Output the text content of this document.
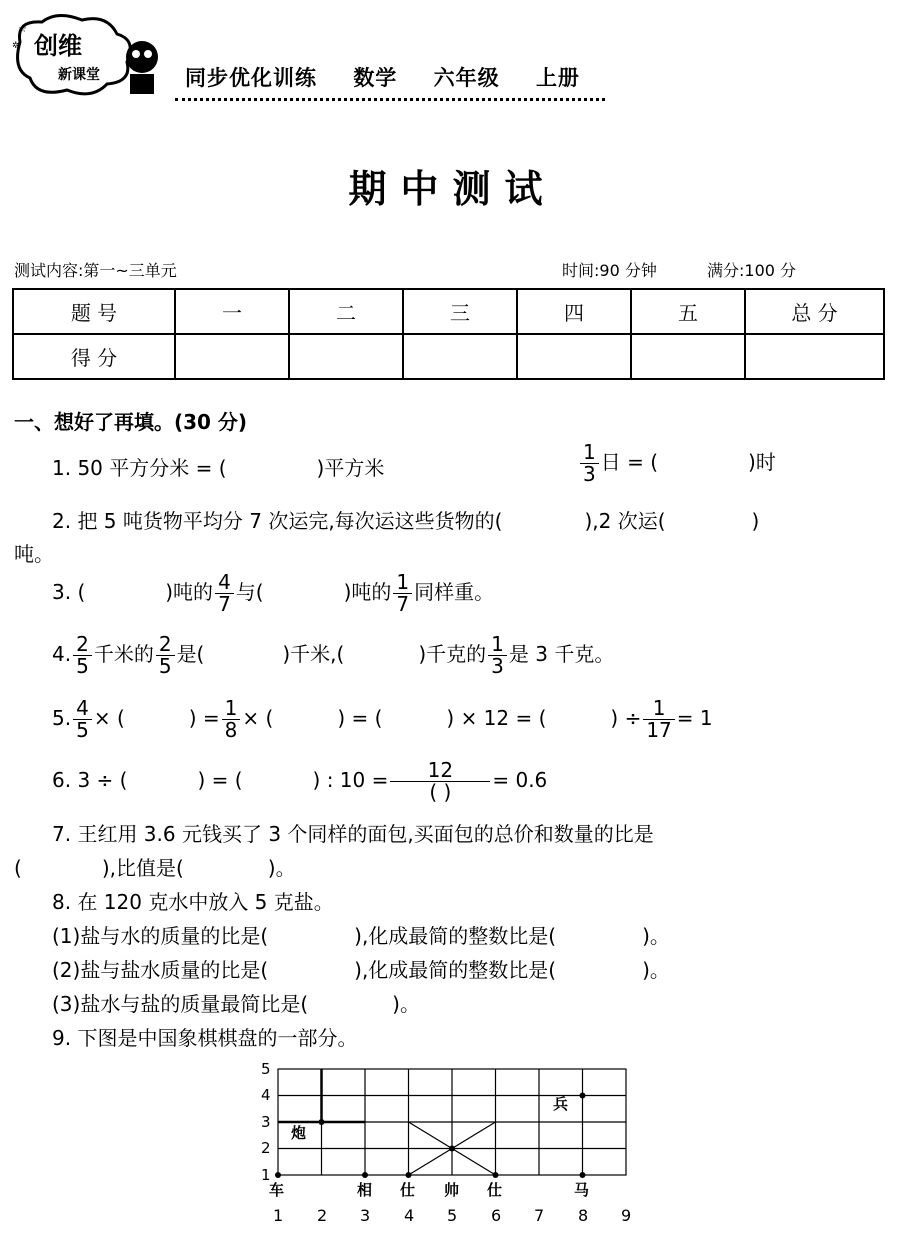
☆
✲ 创维
新课堂	同步优化训练 数学 六年级 上册
期中测试
测试内容:第一~三单元	时间:90 分钟	满分:100 分
题 号	一	二	三	四	五	总 分
得 分						
一、想好了再填。(30 分)
1. 50 平方分米 = (	)平方米	$\frac{1}{3}$ 日 = (	)时
2. 把 5 吨货物平均分 7 次运完,每次运这些货物的(	),2 次运(	)
吨。
3. (	)吨的 $\frac{4}{7}$ 与(	)吨的 $\frac{1}{7}$ 同样重。
4. $\frac{2}{5}$ 千米的 $\frac{2}{5}$ 是(	)千米,(	)千克的 $\frac{1}{3}$ 是 3 千克。
5. $\frac{4}{5}$ × (	) = $\frac{1}{8}$ × (	) = (	) × 12 = (	) ÷ $\frac{1}{17} = 1$
6. 3 ÷ (	) = (	) : $10 = \frac{12}{( )} = 0.6$
7. 王红用 3.6 元钱买了 3 个同样的面包,买面包的总价和数量的比是
(	),比值是(	)。
8. 在 120 克水中放入 5 克盐。
(1)盐与水的质量的比是(	),化成最简的整数比是(	)。
(2)盐与盐水质量的比是(	),化成最简的整数比是(	)。
(3)盐水与盐的质量最简比是(	)。
9. 下图是中国象棋棋盘的一部分。
1
2
3
4
5
1 2 3 4 5 6 7 8 9
炮
兵
车	相 仕 帅 仕	马
